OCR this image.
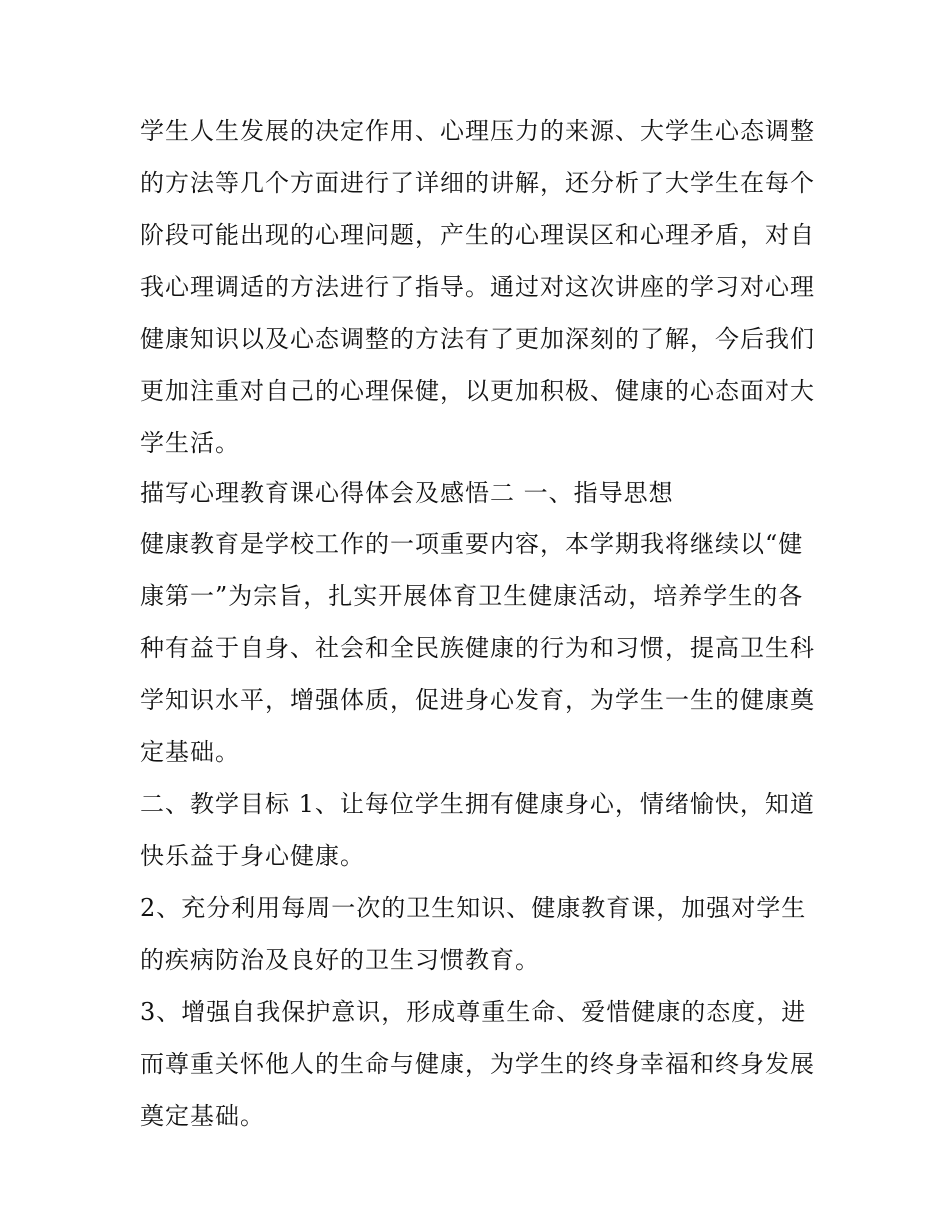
学生人生发展的决定作用、心理压力的来源、大学生心态调整
的方法等几个方面进行了详细的讲解，还分析了大学生在每个
阶段可能出现的心理问题，产生的心理误区和心理矛盾，对自
我心理调适的方法进行了指导。通过对这次讲座的学习对心理
健康知识以及心态调整的方法有了更加深刻的了解，今后我们
更加注重对自己的心理保健，以更加积极、健康的心态面对大
学生活。
描写心理教育课心得体会及感悟二 一、指导思想
健康教育是学校工作的一项重要内容，本学期我将继续以“健
康第一”为宗旨，扎实开展体育卫生健康活动，培养学生的各
种有益于自身、社会和全民族健康的行为和习惯，提高卫生科
学知识水平，增强体质，促进身心发育，为学生一生的健康奠
定基础。
二、教学目标 1、让每位学生拥有健康身心，情绪愉快，知道
快乐益于身心健康。
2、充分利用每周一次的卫生知识、健康教育课，加强对学生
的疾病防治及良好的卫生习惯教育。
3、增强自我保护意识，形成尊重生命、爱惜健康的态度，进
而尊重关怀他人的生命与健康，为学生的终身幸福和终身发展
奠定基础。
